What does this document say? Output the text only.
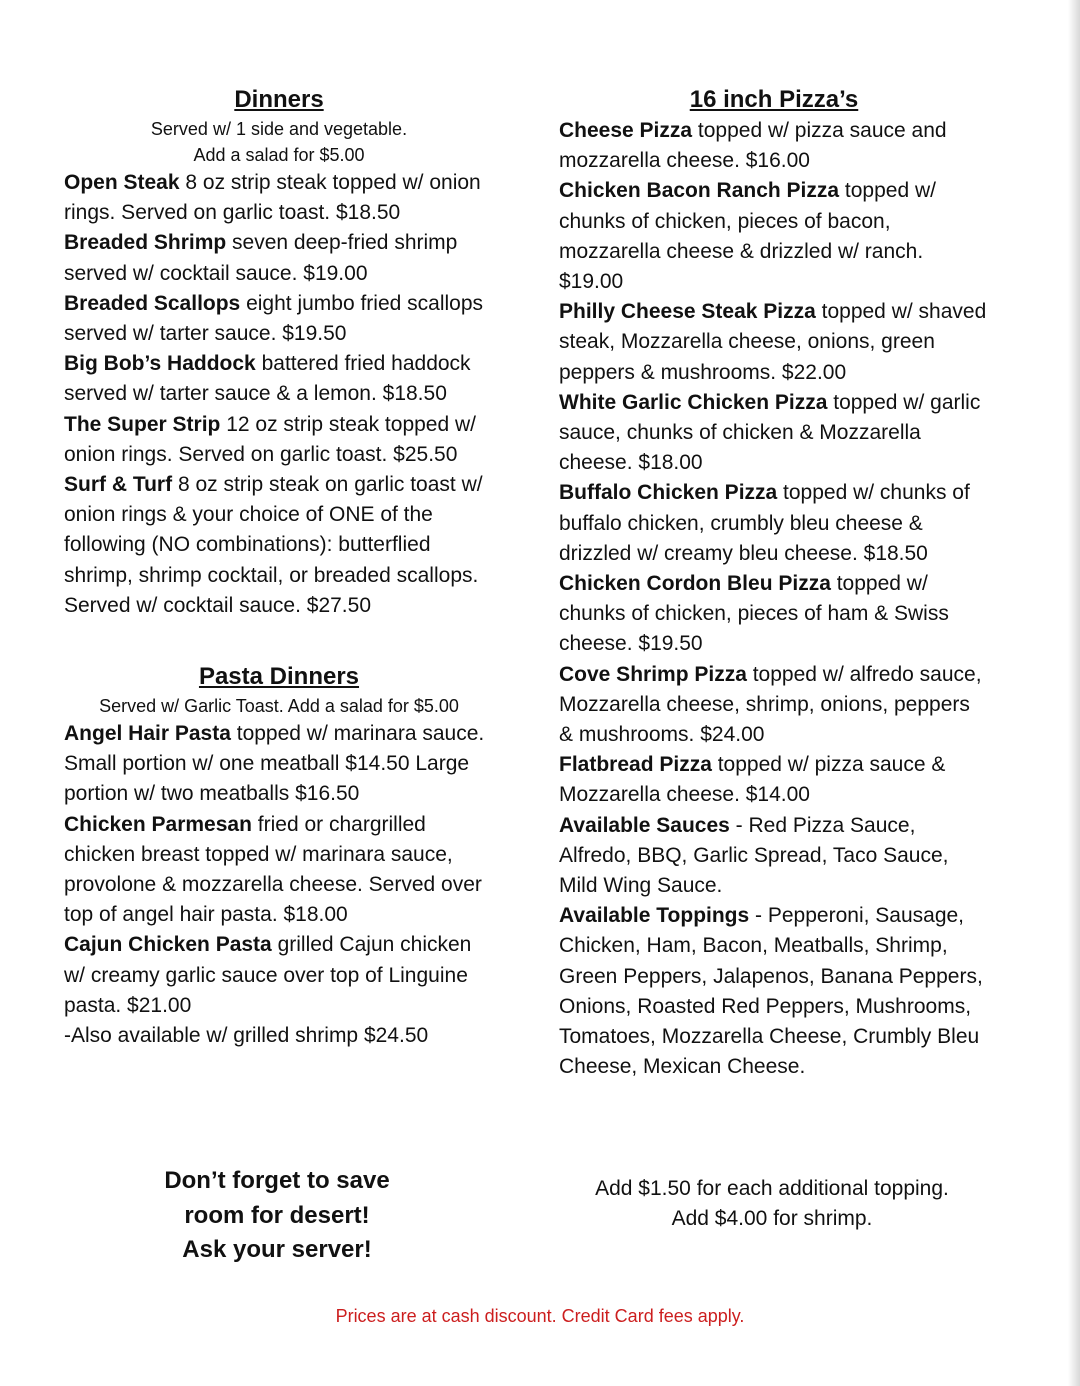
Dinners

Served w/ 1 side and vegetable.

Add a salad for $5.00

Open Steak 8 oz strip steak topped w/ onion rings. Served on garlic toast. $18.50

Breaded Shrimp seven deep-fried shrimp served w/ cocktail sauce. $19.00

Breaded Scallops eight jumbo fried scallops served w/ tarter sauce. $19.50

Big Bob’s Haddock battered fried haddock served w/ tarter sauce & a lemon. $18.50

The Super Strip 12 oz strip steak topped w/ onion rings. Served on garlic toast. $25.50

Surf & Turf 8 oz strip steak on garlic toast w/ onion rings & your choice of ONE of the following (NO combinations): butterflied shrimp, shrimp cocktail, or breaded scallops. Served w/ cocktail sauce. $27.50

Pasta Dinners

Served w/ Garlic Toast. Add a salad for $5.00

Angel Hair Pasta topped w/ marinara sauce. Small portion w/ one meatball $14.50 Large portion w/ two meatballs $16.50

Chicken Parmesan fried or chargrilled chicken breast topped w/ marinara sauce, provolone & mozzarella cheese. Served over top of angel hair pasta. $18.00

Cajun Chicken Pasta grilled Cajun chicken w/ creamy garlic sauce over top of Linguine pasta. $21.00

-Also available w/ grilled shrimp $24.50

16 inch Pizza’s

Cheese Pizza topped w/ pizza sauce and mozzarella cheese. $16.00

Chicken Bacon Ranch Pizza topped w/ chunks of chicken, pieces of bacon, mozzarella cheese & drizzled w/ ranch. $19.00

Philly Cheese Steak Pizza topped w/ shaved steak, Mozzarella cheese, onions, green peppers & mushrooms. $22.00

White Garlic Chicken Pizza topped w/ garlic sauce, chunks of chicken & Mozzarella cheese. $18.00

Buffalo Chicken Pizza topped w/ chunks of buffalo chicken, crumbly bleu cheese & drizzled w/ creamy bleu cheese. $18.50

Chicken Cordon Bleu Pizza topped w/ chunks of chicken, pieces of ham & Swiss cheese. $19.50

Cove Shrimp Pizza topped w/ alfredo sauce, Mozzarella cheese, shrimp, onions, peppers & mushrooms. $24.00

Flatbread Pizza topped w/ pizza sauce & Mozzarella cheese. $14.00

Available Sauces - Red Pizza Sauce, Alfredo, BBQ, Garlic Spread, Taco Sauce, Mild Wing Sauce.

Available Toppings - Pepperoni, Sausage, Chicken, Ham, Bacon, Meatballs, Shrimp, Green Peppers, Jalapenos, Banana Peppers, Onions, Roasted Red Peppers, Mushrooms, Tomatoes, Mozzarella Cheese, Crumbly Bleu Cheese, Mexican Cheese.

Don’t forget to save
room for desert!
Ask your server!
Add $1.50 for each additional topping.
Add $4.00 for shrimp.
Prices are at cash discount. Credit Card fees apply.
